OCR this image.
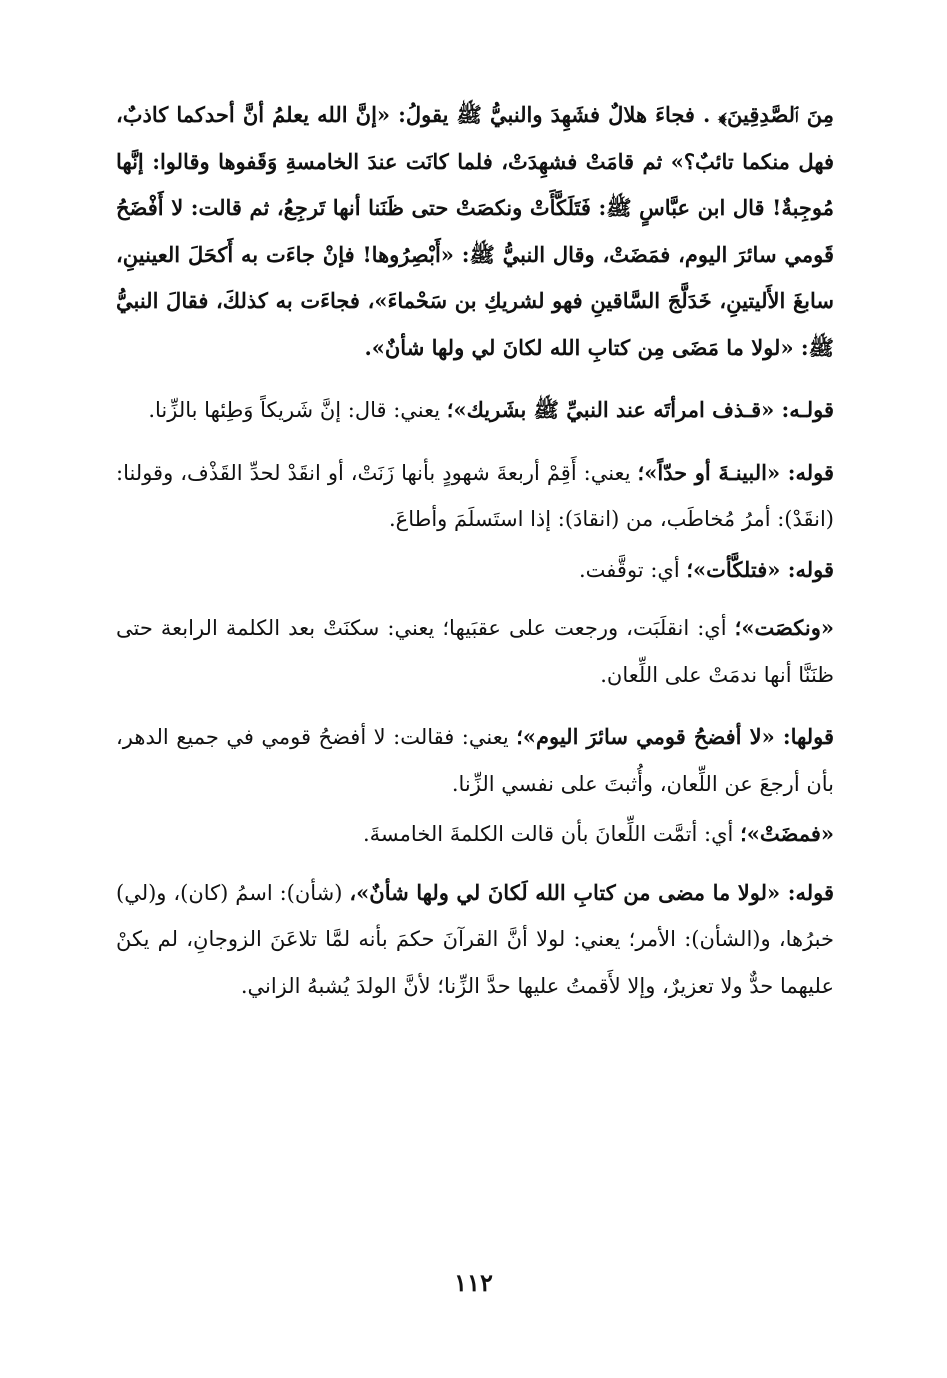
مِنَ ٱلصَّدِقِينَ﴾ . فجاءَ هلالٌ فشَهِدَ والنبيُّ ﷺ يقولُ: «إنَّ الله يعلمُ أنَّ أحدكما كاذبٌ، فهل منكما تائبٌ؟» ثم قامَتْ فشهِدَتْ، فلما كانَت عندَ الخامسةِ وَقَفوها وقالوا: إنَّها مُوجِبةٌ! قال ابن عبَّاسٍ ﷺ: فَتَلَكَّأَتْ ونكصَتْ حتى ظَنَنا أنها تَرجِعُ، ثم قالت: لا أَفْضَحُ قَومي سائرَ اليوم، فمَضَتْ، وقال النبيُّ ﷺ: «أَبْصِرُوها! فإنْ جاءَت به أَكحَلَ العينينِ، سابغَ الأَليتينِ، خَدَلَّجَ السَّاقينِ فهو لشريكِ بن سَحْماءَ»، فجاءَت به كذلكَ، فقالَ النبيُّ ﷺ: «لولا ما مَضَى مِن كتابِ الله لكانَ لي ولها شأنٌ».

قولـه: «قـذف امرأتَه عند النبيِّ ﷺ بشَريك»؛ يعني: قال: إنَّ شَريكاً وَطِئها بالزِّنا.

قوله: «البينـةَ أو حدّاً»؛ يعني: أَقِمْ أربعةَ شهودٍ بأنها زَنَتْ، أو انقَدْ لحدِّ القَذْف، وقولنا: (انقَدْ): أمرُ مُخاطَب، من (انقادَ): إذا استَسلَمَ وأطاعَ.

قوله: «فتلكَّأت»؛ أي: توقَّفت.

«ونكصَت»؛ أي: انقلَبَت، ورجعت على عقبَيها؛ يعني: سكنَتْ بعد الكلمة الرابعة حتى ظنَنَّا أنها ندمَتْ على اللِّعان.

قولها: «لا أفضحُ قومي سائرَ اليوم»؛ يعني: فقالت: لا أفضحُ قومي في جميع الدهر، بأن أرجعَ عن اللِّعان، وأُثبتَ على نفسي الزِّنا.

«فمضَتْ»؛ أي: أتمَّت اللِّعانَ بأن قالت الكلمةَ الخامسةَ.

قوله: «لولا ما مضى من كتابِ الله لَكانَ لي ولها شأنٌ»، (شأن): اسمُ (كان)، و(لي) خبرُها، و(الشأن): الأمر؛ يعني: لولا أنَّ القرآنَ حكمَ بأنه لمَّا تلاعَنَ الزوجانِ، لم يكنْ عليهما حدٌّ ولا تعزيرٌ، وإلا لأَقمتُ عليها حدَّ الزِّنا؛ لأنَّ الولدَ يُشبهُ الزاني.

١١٢
